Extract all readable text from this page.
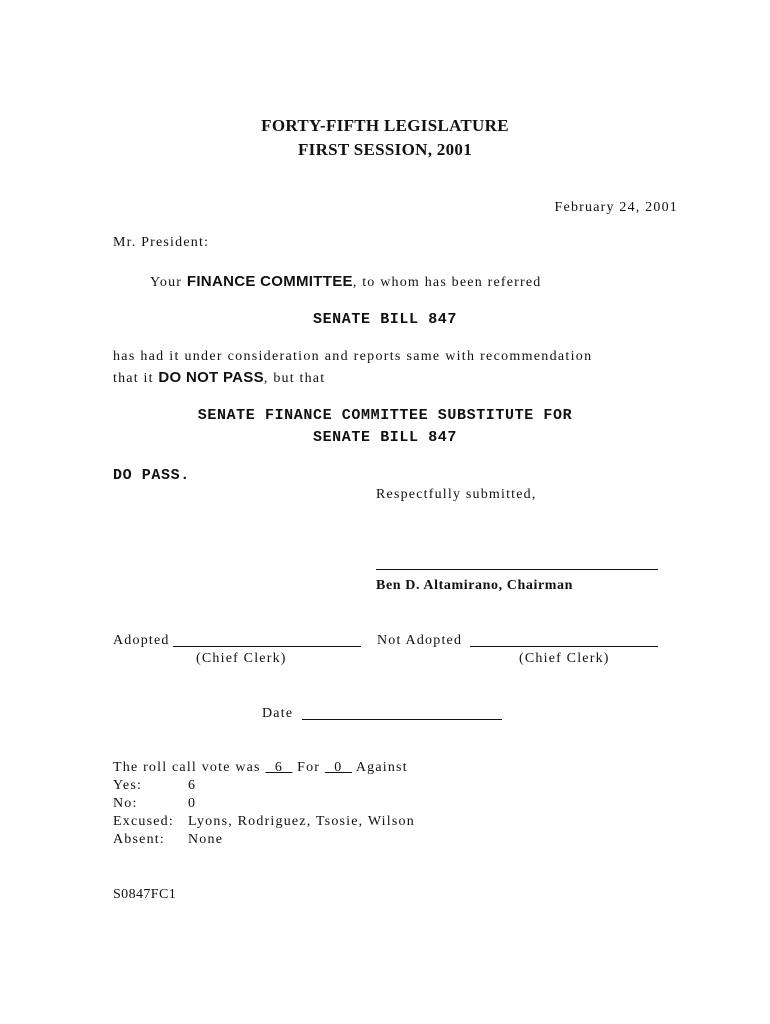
FORTY-FIFTH LEGISLATURE
FIRST SESSION, 2001
February 24, 2001
Mr. President:
Your FINANCE COMMITTEE, to whom has been referred
SENATE BILL 847
has had it under consideration and reports same with recommendation
that it DO NOT PASS, but that
SENATE FINANCE COMMITTEE SUBSTITUTE FOR
SENATE BILL 847
DO PASS.
Respectfully submitted,
Ben D. Altamirano, Chairman
Adopted
(Chief Clerk)
Not Adopted
(Chief Clerk)
Date
The roll call vote was 6 For 0 Against
Yes:	6
No:	0
Excused: Lyons, Rodriguez, Tsosie, Wilson
Absent: None
S0847FC1
